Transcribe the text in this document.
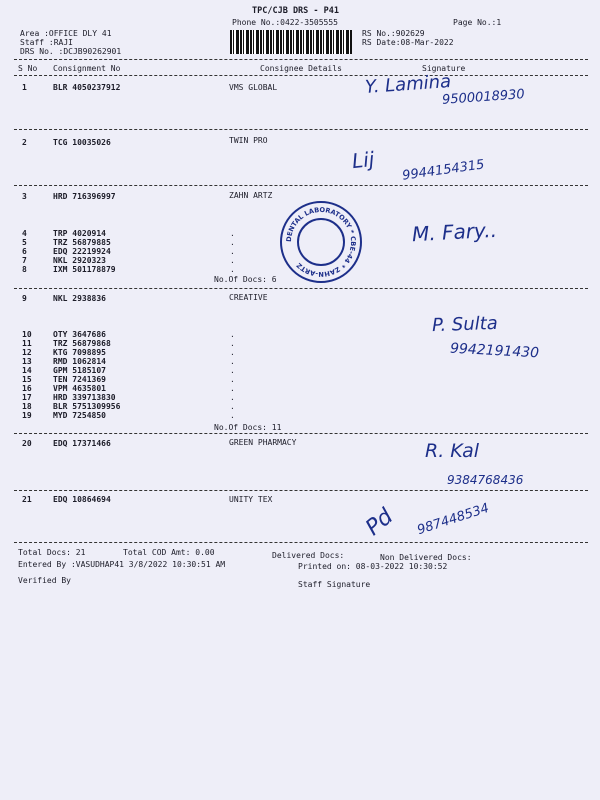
TPC/CJB DRS - P41
Phone No.:0422-3505555	Page No.:1
Area :OFFICE DLY 41
Staff :RAJI
DRS No. :DCJB90262901
RS No.:902629
RS Date:08-Mar-2022
S No Consignment No	Consignee Details	Signature
1	BLR 4050237912	VMS GLOBAL	Y. Lamina
9500018930
2	TCG 10035026	TWIN PRO
Lij 9944154315
3	HRD 716396997	ZAHN ARTZ
4	TRP 4020914	.
5	TRZ 56879885	.
6	EDQ 22219924	.
7	NKL 2920323	.
8	IXM 501178879	.
No.Of Docs: 6
DENTAL LABORATORY * CBE-44 * ZAHN-ARTZ
M. Fary..
9	NKL 2938836	CREATIVE
10	OTY 3647686	.
11	TRZ 56879868	.
12	KTG 7098895	.
13	RMD 1062814	.
14	GPM 5185107	.
15	TEN 7241369	.
16	VPM 4635801	.
17	HRD 339713830	.
18	BLR 5751309956	.
19	MYD 7254850	.
No.Of Docs: 11
P. Sulta
9942191430
20	EDQ 17371466	GREEN PHARMACY	R. Kal
9384768436
21	EDQ 10864694	UNITY TEX
Pd 987448534
Total Docs: 21	Total COD Amt: 0.00	Delivered Docs:	Non Delivered Docs:
Entered By :VASUDHAP41 3/8/2022 10:30:51 AM	Printed on: 08-03-2022 10:30:52
Verified By	Staff Signature
